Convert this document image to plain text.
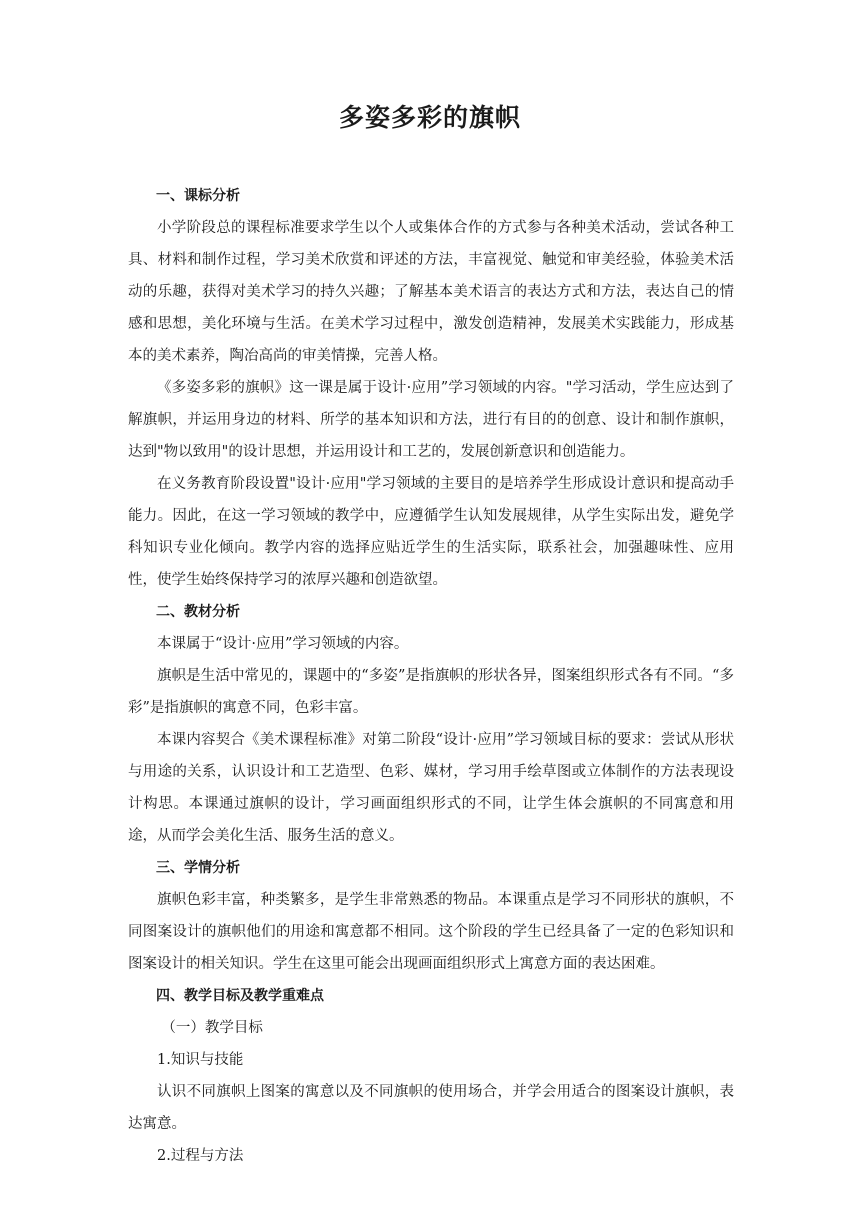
多姿多彩的旗帜

一、课标分析

小学阶段总的课程标准要求学生以个人或集体合作的方式参与各种美术活动，尝试各种工具、材料和制作过程，学习美术欣赏和评述的方法，丰富视觉、触觉和审美经验，体验美术活动的乐趣，获得对美术学习的持久兴趣；了解基本美术语言的表达方式和方法，表达自己的情感和思想，美化环境与生活。在美术学习过程中，激发创造精神，发展美术实践能力，形成基本的美术素养，陶冶高尚的审美情操，完善人格。

《多姿多彩的旗帜》这一课是属于设计·应用”学习领域的内容。"学习活动，学生应达到了解旗帜，并运用身边的材料、所学的基本知识和方法，进行有目的的创意、设计和制作旗帜，达到"物以致用"的设计思想，并运用设计和工艺的，发展创新意识和创造能力。

在义务教育阶段设置"设计·应用"学习领域的主要目的是培养学生形成设计意识和提高动手能力。因此，在这一学习领域的教学中，应遵循学生认知发展规律，从学生实际出发，避免学科知识专业化倾向。教学内容的选择应贴近学生的生活实际，联系社会，加强趣味性、应用性，使学生始终保持学习的浓厚兴趣和创造欲望。

二、教材分析

本课属于“设计·应用”学习领域的内容。

旗帜是生活中常见的，课题中的“多姿”是指旗帜的形状各异，图案组织形式各有不同。“多彩”是指旗帜的寓意不同，色彩丰富。

本课内容契合《美术课程标准》对第二阶段“设计·应用”学习领域目标的要求：尝试从形状与用途的关系，认识设计和工艺造型、色彩、媒材，学习用手绘草图或立体制作的方法表现设计构思。本课通过旗帜的设计，学习画面组织形式的不同，让学生体会旗帜的不同寓意和用途，从而学会美化生活、服务生活的意义。

三、学情分析

旗帜色彩丰富，种类繁多，是学生非常熟悉的物品。本课重点是学习不同形状的旗帜，不同图案设计的旗帜他们的用途和寓意都不相同。这个阶段的学生已经具备了一定的色彩知识和图案设计的相关知识。学生在这里可能会出现画面组织形式上寓意方面的表达困难。

四、教学目标及教学重难点

（一）教学目标

1.知识与技能

认识不同旗帜上图案的寓意以及不同旗帜的使用场合，并学会用适合的图案设计旗帜，表达寓意。

2.过程与方法
